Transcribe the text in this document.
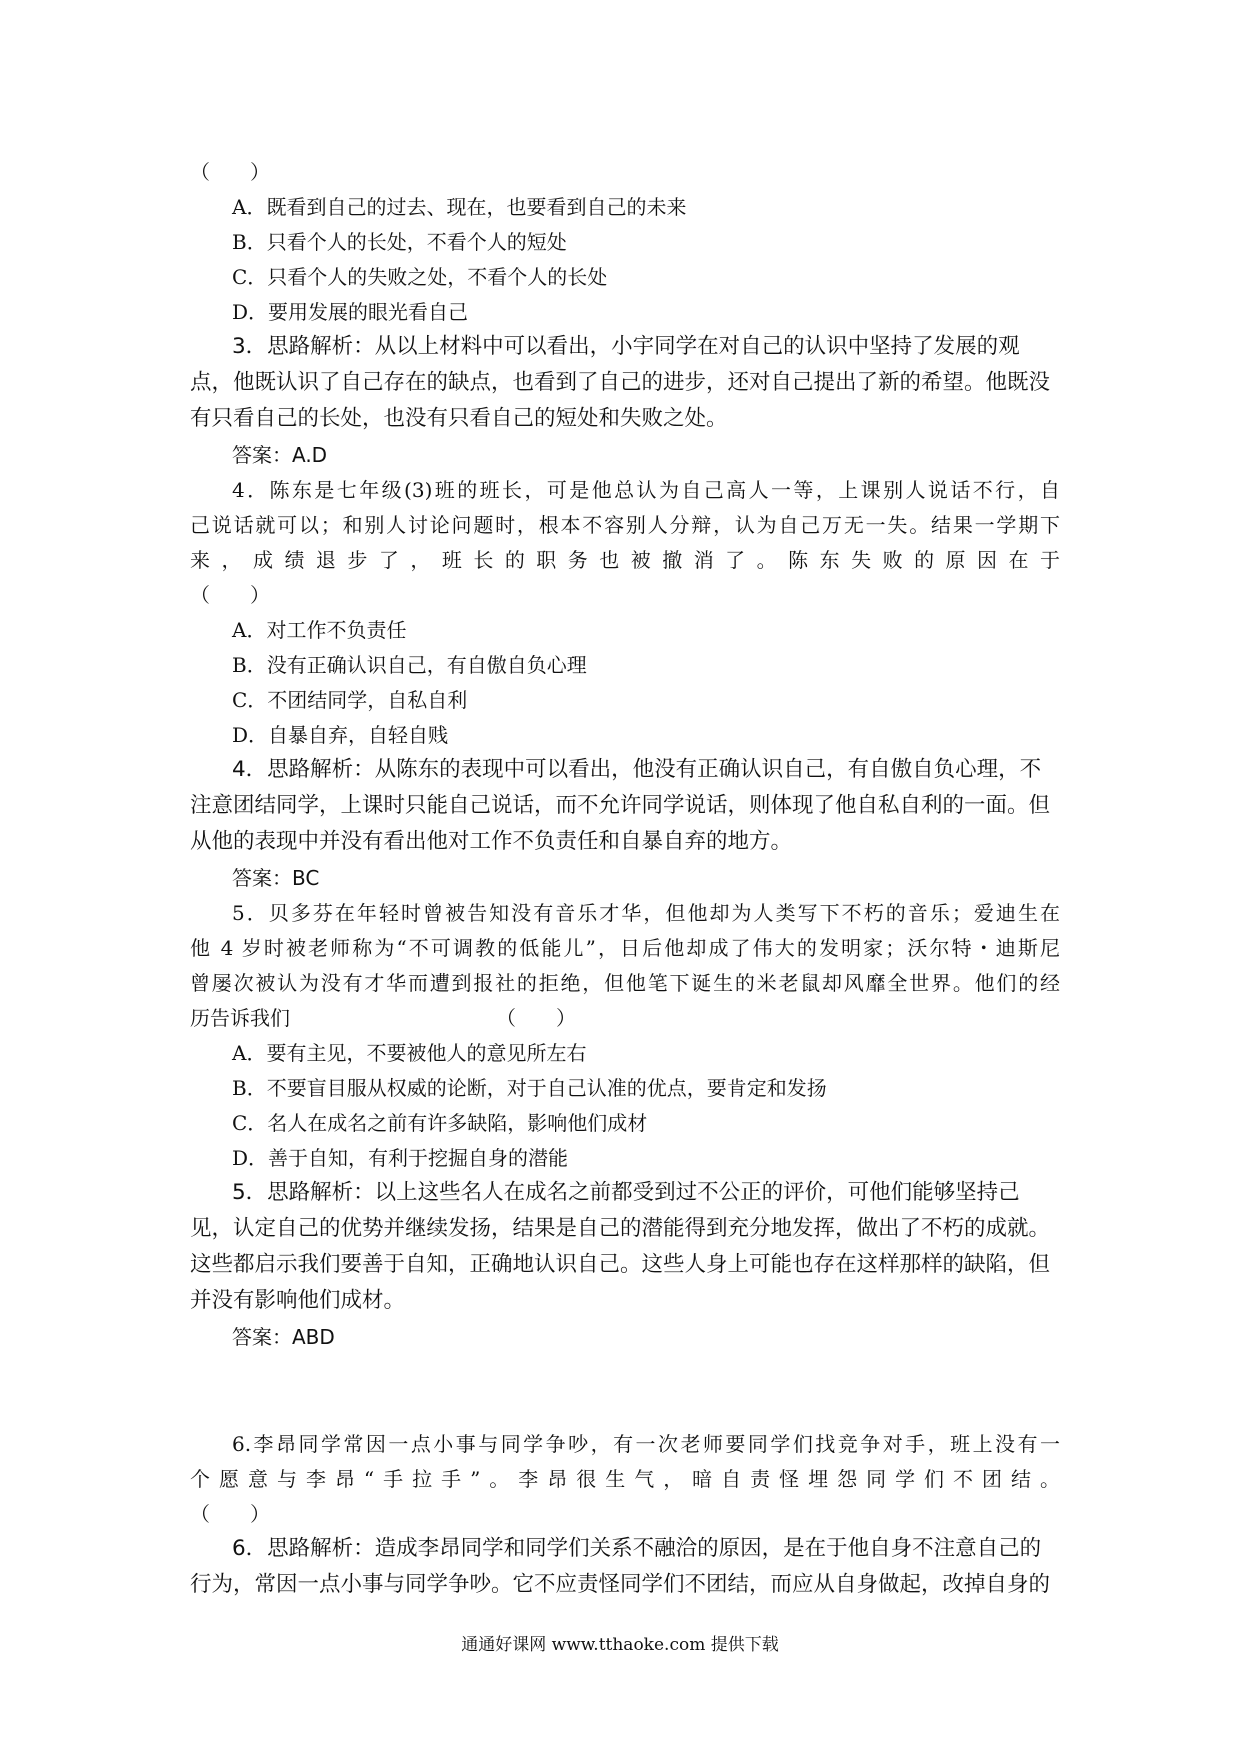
（　　）
A．既看到自己的过去、现在，也要看到自己的未来
B．只看个人的长处，不看个人的短处
C．只看个人的失败之处，不看个人的长处
D．要用发展的眼光看自己
3．思路解析：从以上材料中可以看出，小宇同学在对自己的认识中坚持了发展的观点，他既认识了自己存在的缺点，也看到了自己的进步，还对自己提出了新的希望。他既没有只看自己的长处，也没有只看自己的短处和失败之处。
答案：A.D
4．陈东是七年级(3)班的班长，可是他总认为自己高人一等，上课别人说话不行，自
己说话就可以；和别人讨论问题时，根本不容别人分辩，认为自己万无一失。结果一学期下
来，成绩退步了，班长的职务也被撤消了。陈东失败的原因在于
（　　）
A．对工作不负责任
B．没有正确认识自己，有自傲自负心理
C．不团结同学，自私自利
D．自暴自弃，自轻自贱
4．思路解析：从陈东的表现中可以看出，他没有正确认识自己，有自傲自负心理，不注意团结同学，上课时只能自己说话，而不允许同学说话，则体现了他自私自利的一面。但从他的表现中并没有看出他对工作不负责任和自暴自弃的地方。
答案：BC
5．贝多芬在年轻时曾被告知没有音乐才华，但他却为人类写下不朽的音乐；爱迪生在
他 4 岁时被老师称为“不可调教的低能儿”，日后他却成了伟大的发明家；沃尔特・迪斯尼
曾屡次被认为没有才华而遭到报社的拒绝，但他笔下诞生的米老鼠却风靡全世界。他们的经
历告诉我们	（　　）
A．要有主见，不要被他人的意见所左右
B．不要盲目服从权威的论断，对于自己认准的优点，要肯定和发扬
C．名人在成名之前有许多缺陷，影响他们成材
D．善于自知，有利于挖掘自身的潜能
5．思路解析：以上这些名人在成名之前都受到过不公正的评价，可他们能够坚持己见，认定自己的优势并继续发扬，结果是自己的潜能得到充分地发挥，做出了不朽的成就。这些都启示我们要善于自知，正确地认识自己。这些人身上可能也存在这样那样的缺陷，但并没有影响他们成材。
答案：ABD
6.李昂同学常因一点小事与同学争吵，有一次老师要同学们找竞争对手，班上没有一
个愿意与李昂“手拉手”。李昂很生气，暗自责怪埋怨同学们不团结。
（　　）
6．思路解析：造成李昂同学和同学们关系不融洽的原因，是在于他自身不注意自己的行为，常因一点小事与同学争吵。它不应责怪同学们不团结，而应从自身做起，改掉自身的
通通好课网 www.tthaoke.com 提供下载
